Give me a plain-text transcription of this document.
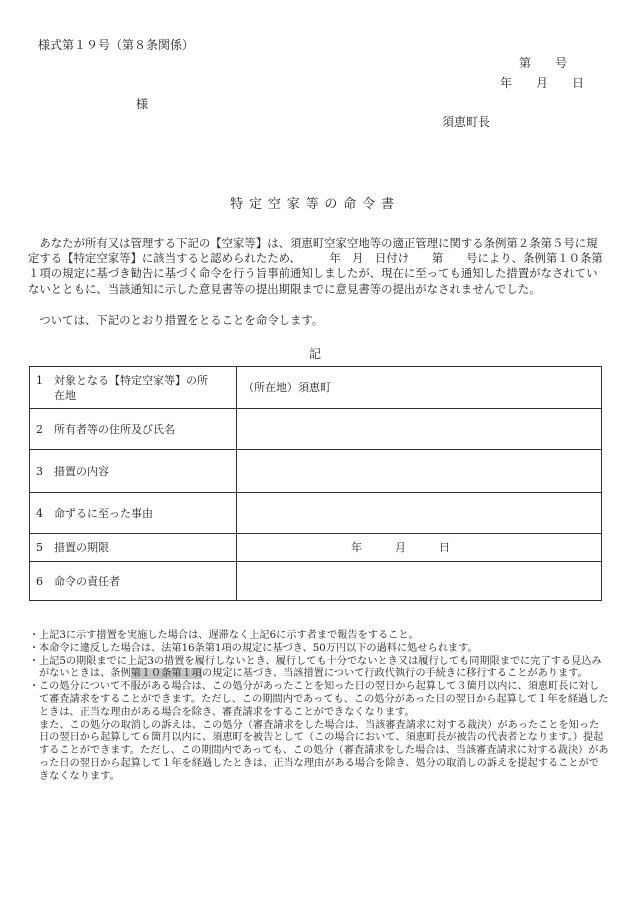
様式第１９号（第８条関係）
第　　号
年　　月　　日
様
須恵町長
特定空家等の命令書
あなたが所有又は管理する下記の【空家等】は、須恵町空家空地等の適正管理に関する条例第２条第５号に規定する【特定空家等】に該当すると認められたため、　　　年　月　日付け　　第　　号により、条例第１０条第１項の規定に基づき勧告に基づく命令を行う旨事前通知しましたが、現在に至っても通知した措置がなされていないとともに、当該通知に示した意見書等の提出期限までに意見書等の提出がなされませんでした。
ついては、下記のとおり措置をとることを命令します。
記
1 対象となる【特定空家等】の所在地	（所在地）須恵町
2 所有者等の住所及び氏名	
3 措置の内容	
4 命ずるに至った事由	
5 措置の期限	年　　　月　　　日
6 命令の責任者	
・ 上記3に示す措置を実施した場合は、遅滞なく上記6に示す者まで報告をすること。
・ 本命令に違反した場合は、法第16条第1項の規定に基づき、50万円以下の過料に処せられます。
・ 上記5の期限までに上記3の措置を履行しないとき、履行しても十分でないとき又は履行しても同期限までに完了する見込みがないときは、条例第１０条第１項の規定に基づき、当該措置について行政代執行の手続きに移行することがあります。
・ この処分について不服がある場合は、この処分があったことを知った日の翌日から起算して３箇月以内に、須恵町長に対して審査請求をすることができます。ただし、この期間内であっても、この処分があった日の翌日から起算して１年を経過したときは、正当な理由がある場合を除き、審査請求をすることができなくなります。
また、この処分の取消しの訴えは、この処分（審査請求をした場合は、当該審査請求に対する裁決）があったことを知った日の翌日から起算して６箇月以内に、須恵町を被告として（この場合において、須恵町長が被告の代表者となります。）提起することができます。ただし、この期間内であっても、この処分（審査請求をした場合は、当該審査請求に対する裁決）があった日の翌日から起算して１年を経過したときは、正当な理由がある場合を除き、処分の取消しの訴えを提起することができなくなります。
